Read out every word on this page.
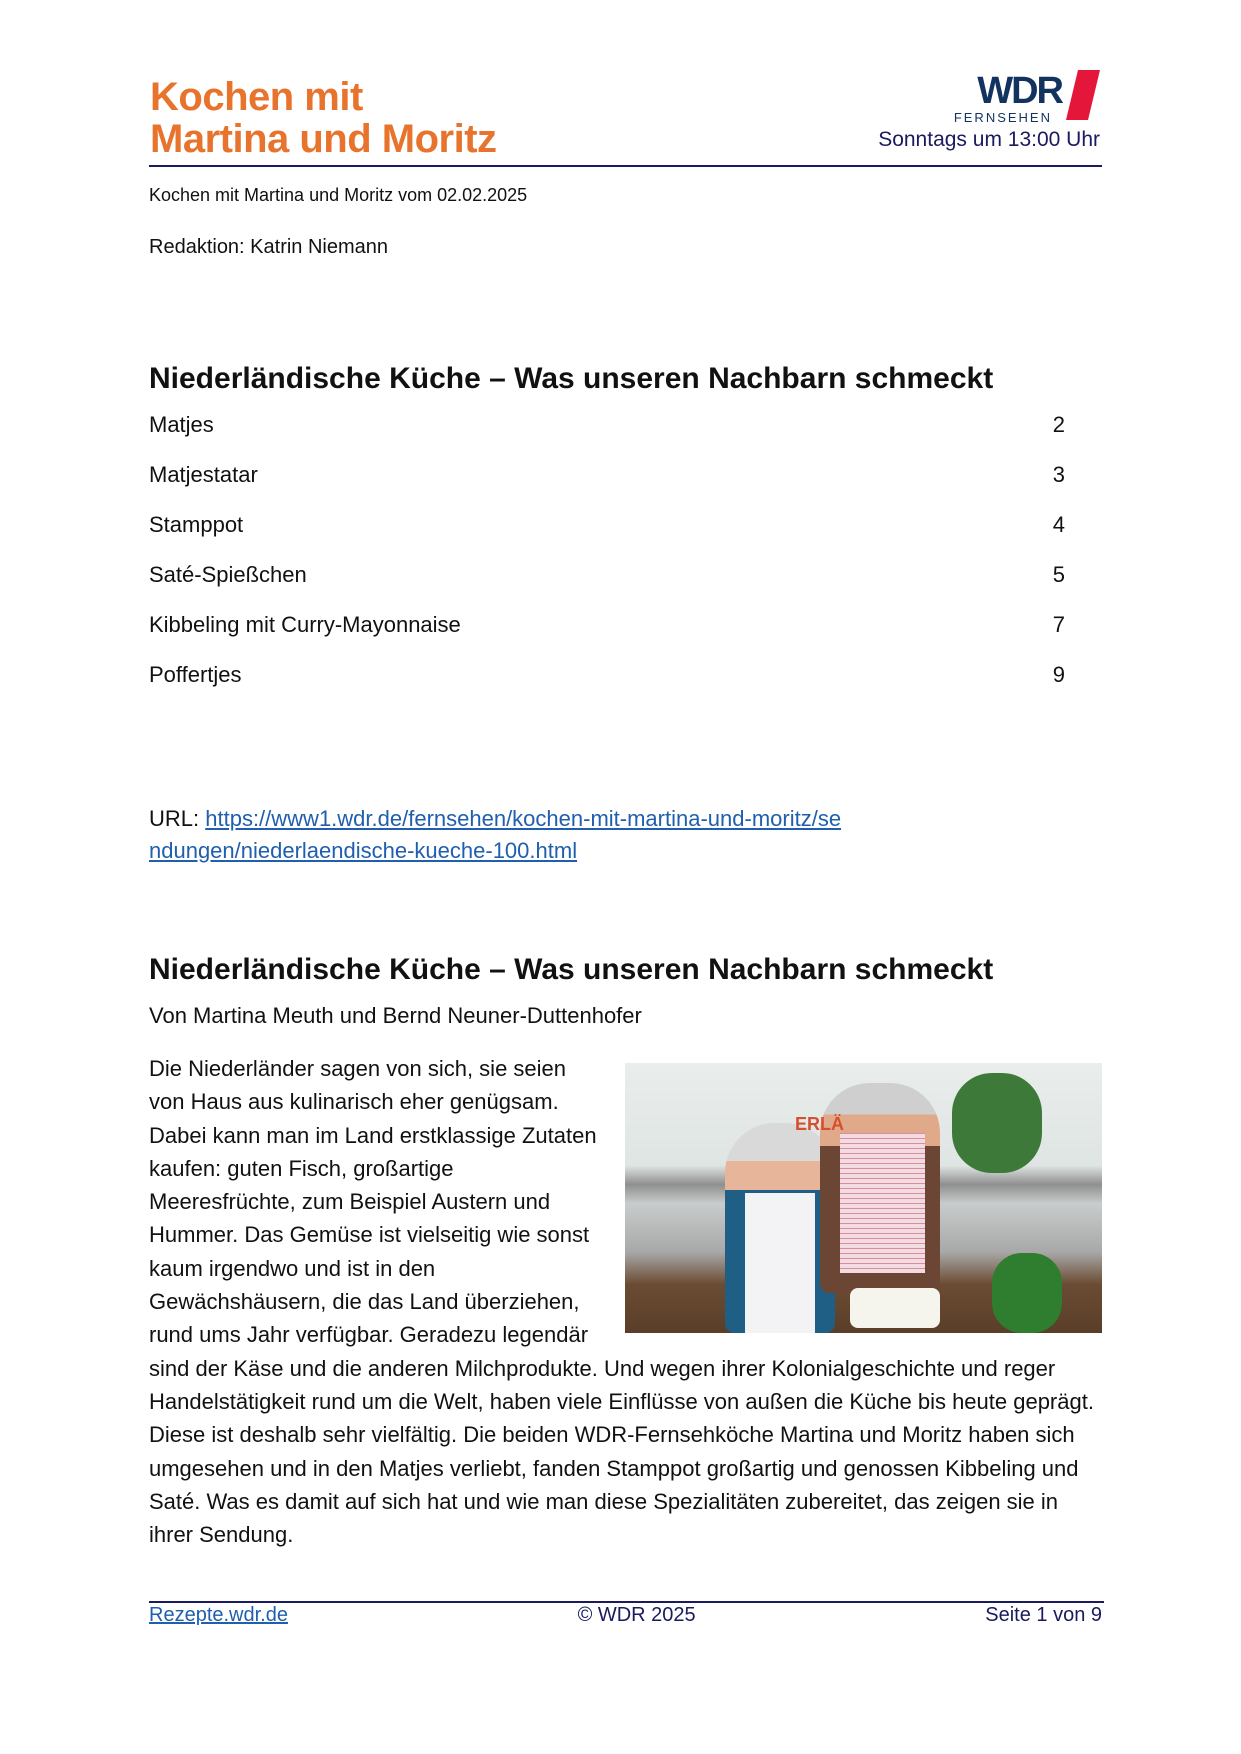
Kochen mit
Martina und Moritz
WDR
FERNSEHEN
Sonntags um 13:00 Uhr
Kochen mit Martina und Moritz vom 02.02.2025
Redaktion: Katrin Niemann
Niederländische Küche – Was unseren Nachbarn schmeckt
Matjes	2
Matjestatar	3
Stamppot	4
Saté-Spießchen	5
Kibbeling mit Curry-Mayonnaise	7
Poffertjes	9
URL: https://www1.wdr.de/fernsehen/kochen-mit-martina-und-moritz/sendungen/niederlaendische-kueche-100.html
Niederländische Küche – Was unseren Nachbarn schmeckt
Von Martina Meuth und Bernd Neuner-Duttenhofer
ERLÄ
Die Niederländer sagen von sich, sie seien von Haus aus kulinarisch eher genügsam. Dabei kann man im Land erstklassige Zutaten kaufen: guten Fisch, großartige Meeresfrüchte, zum Beispiel Austern und Hummer. Das Gemüse ist vielseitig wie sonst kaum irgendwo und ist in den Gewächshäusern, die das Land überziehen, rund ums Jahr verfügbar. Geradezu legendär sind der Käse und die anderen Milchprodukte. Und wegen ihrer Kolonialgeschichte und reger Handelstätigkeit rund um die Welt, haben viele Einflüsse von außen die Küche bis heute geprägt. Diese ist deshalb sehr vielfältig. Die beiden WDR-Fernsehköche Martina und Moritz haben sich umgesehen und in den Matjes verliebt, fanden Stamppot großartig und genossen Kibbeling und Saté. Was es damit auf sich hat und wie man diese Spezialitäten zubereitet, das zeigen sie in ihrer Sendung.
Rezepte.wdr.de	© WDR 2025	Seite 1 von 9
